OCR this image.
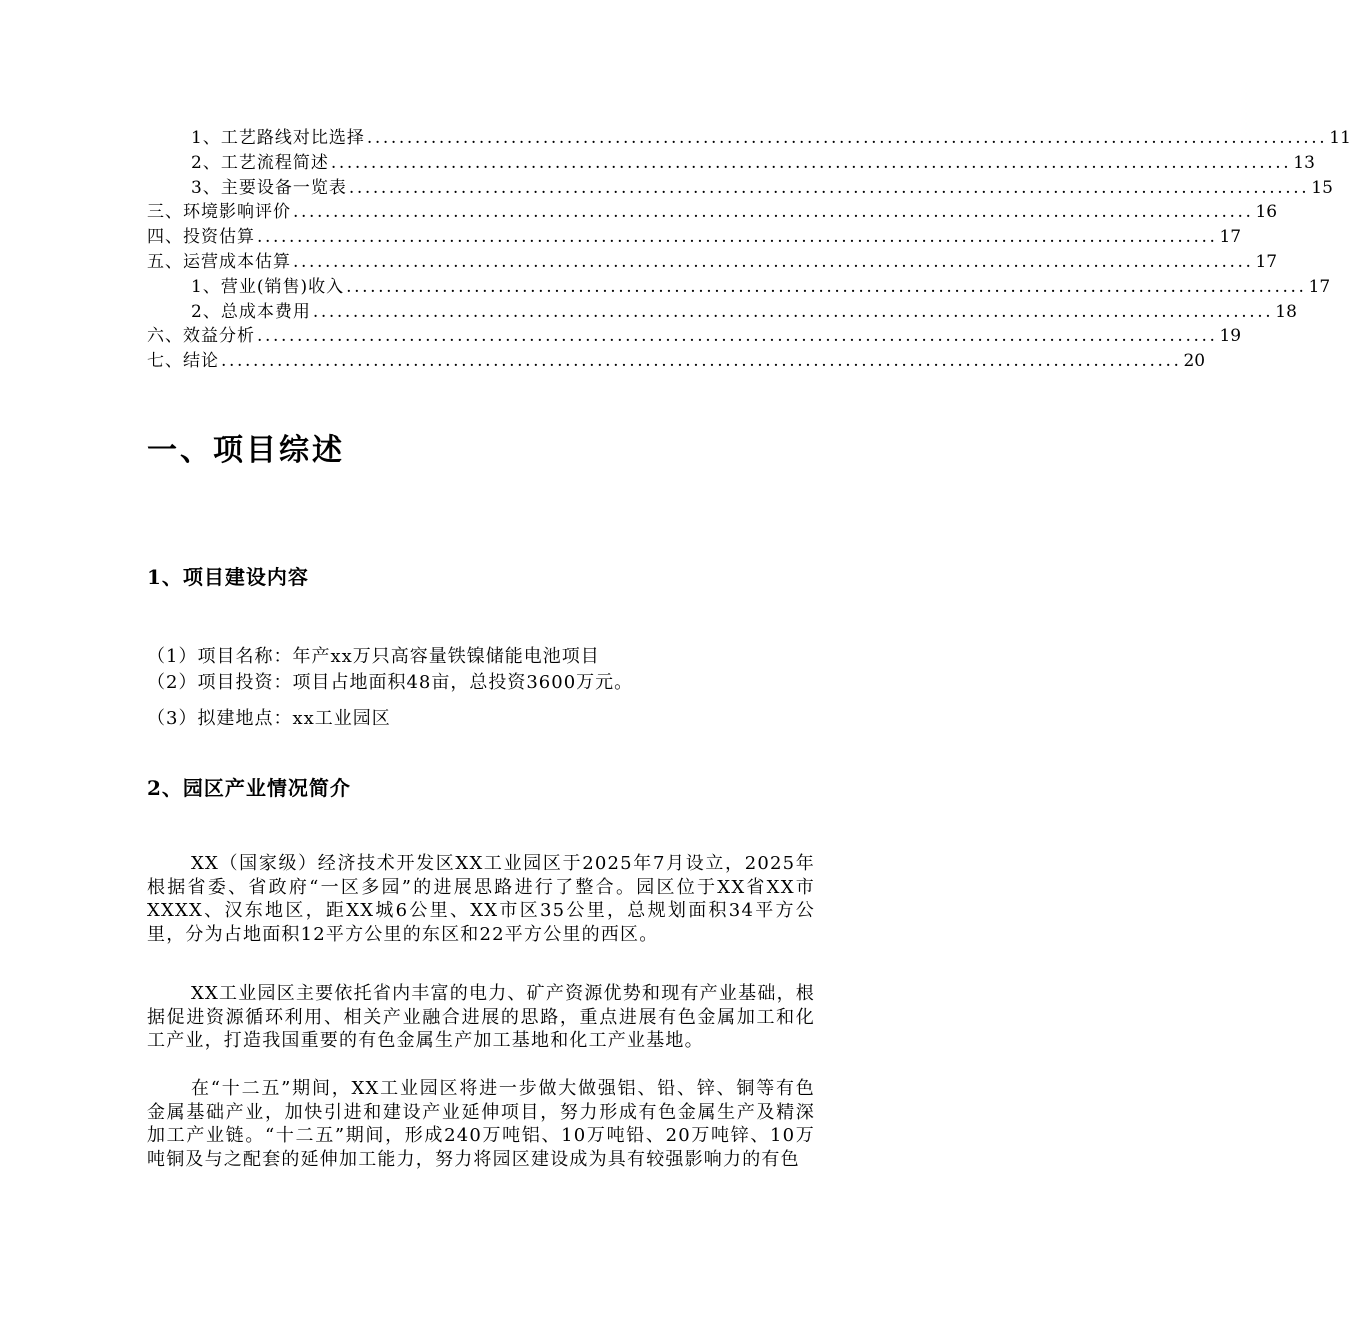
1、工艺路线对比选择 ........................................................................................................................ 11
2、工艺流程简述 ........................................................................................................................ 13
3、主要设备一览表 ........................................................................................................................ 15
三、环境影响评价 ........................................................................................................................ 16
四、投资估算 ........................................................................................................................ 17
五、运营成本估算 ........................................................................................................................ 17
1、营业(销售)收入 ........................................................................................................................ 17
2、总成本费用 ........................................................................................................................ 18
六、效益分析 ........................................................................................................................ 19
七、结论 ........................................................................................................................ 20
一、项目综述
1、项目建设内容
（1）项目名称：年产xx万只高容量铁镍储能电池项目
（2）项目投资：项目占地面积48亩，总投资3600万元。
（3）拟建地点：xx工业园区
2、园区产业情况简介

XX（国家级）经济技术开发区XX工业园区于2025年7月设立，2025年根据省委、省政府“一区多园”的进展思路进行了整合。园区位于XX省XX市XXXX、汉东地区，距XX城6公里、XX市区35公里，总规划面积34平方公里，分为占地面积12平方公里的东区和22平方公里的西区。

XX工业园区主要依托省内丰富的电力、矿产资源优势和现有产业基础，根据促进资源循环利用、相关产业融合进展的思路，重点进展有色金属加工和化工产业，打造我国重要的有色金属生产加工基地和化工产业基地。

在“十二五”期间，XX工业园区将进一步做大做强铝、铅、锌、铜等有色金属基础产业，加快引进和建设产业延伸项目，努力形成有色金属生产及精深加工产业链。“十二五”期间，形成240万吨铝、10万吨铅、20万吨锌、10万吨铜及与之配套的延伸加工能力，努力将园区建设成为具有较强影响力的有色
